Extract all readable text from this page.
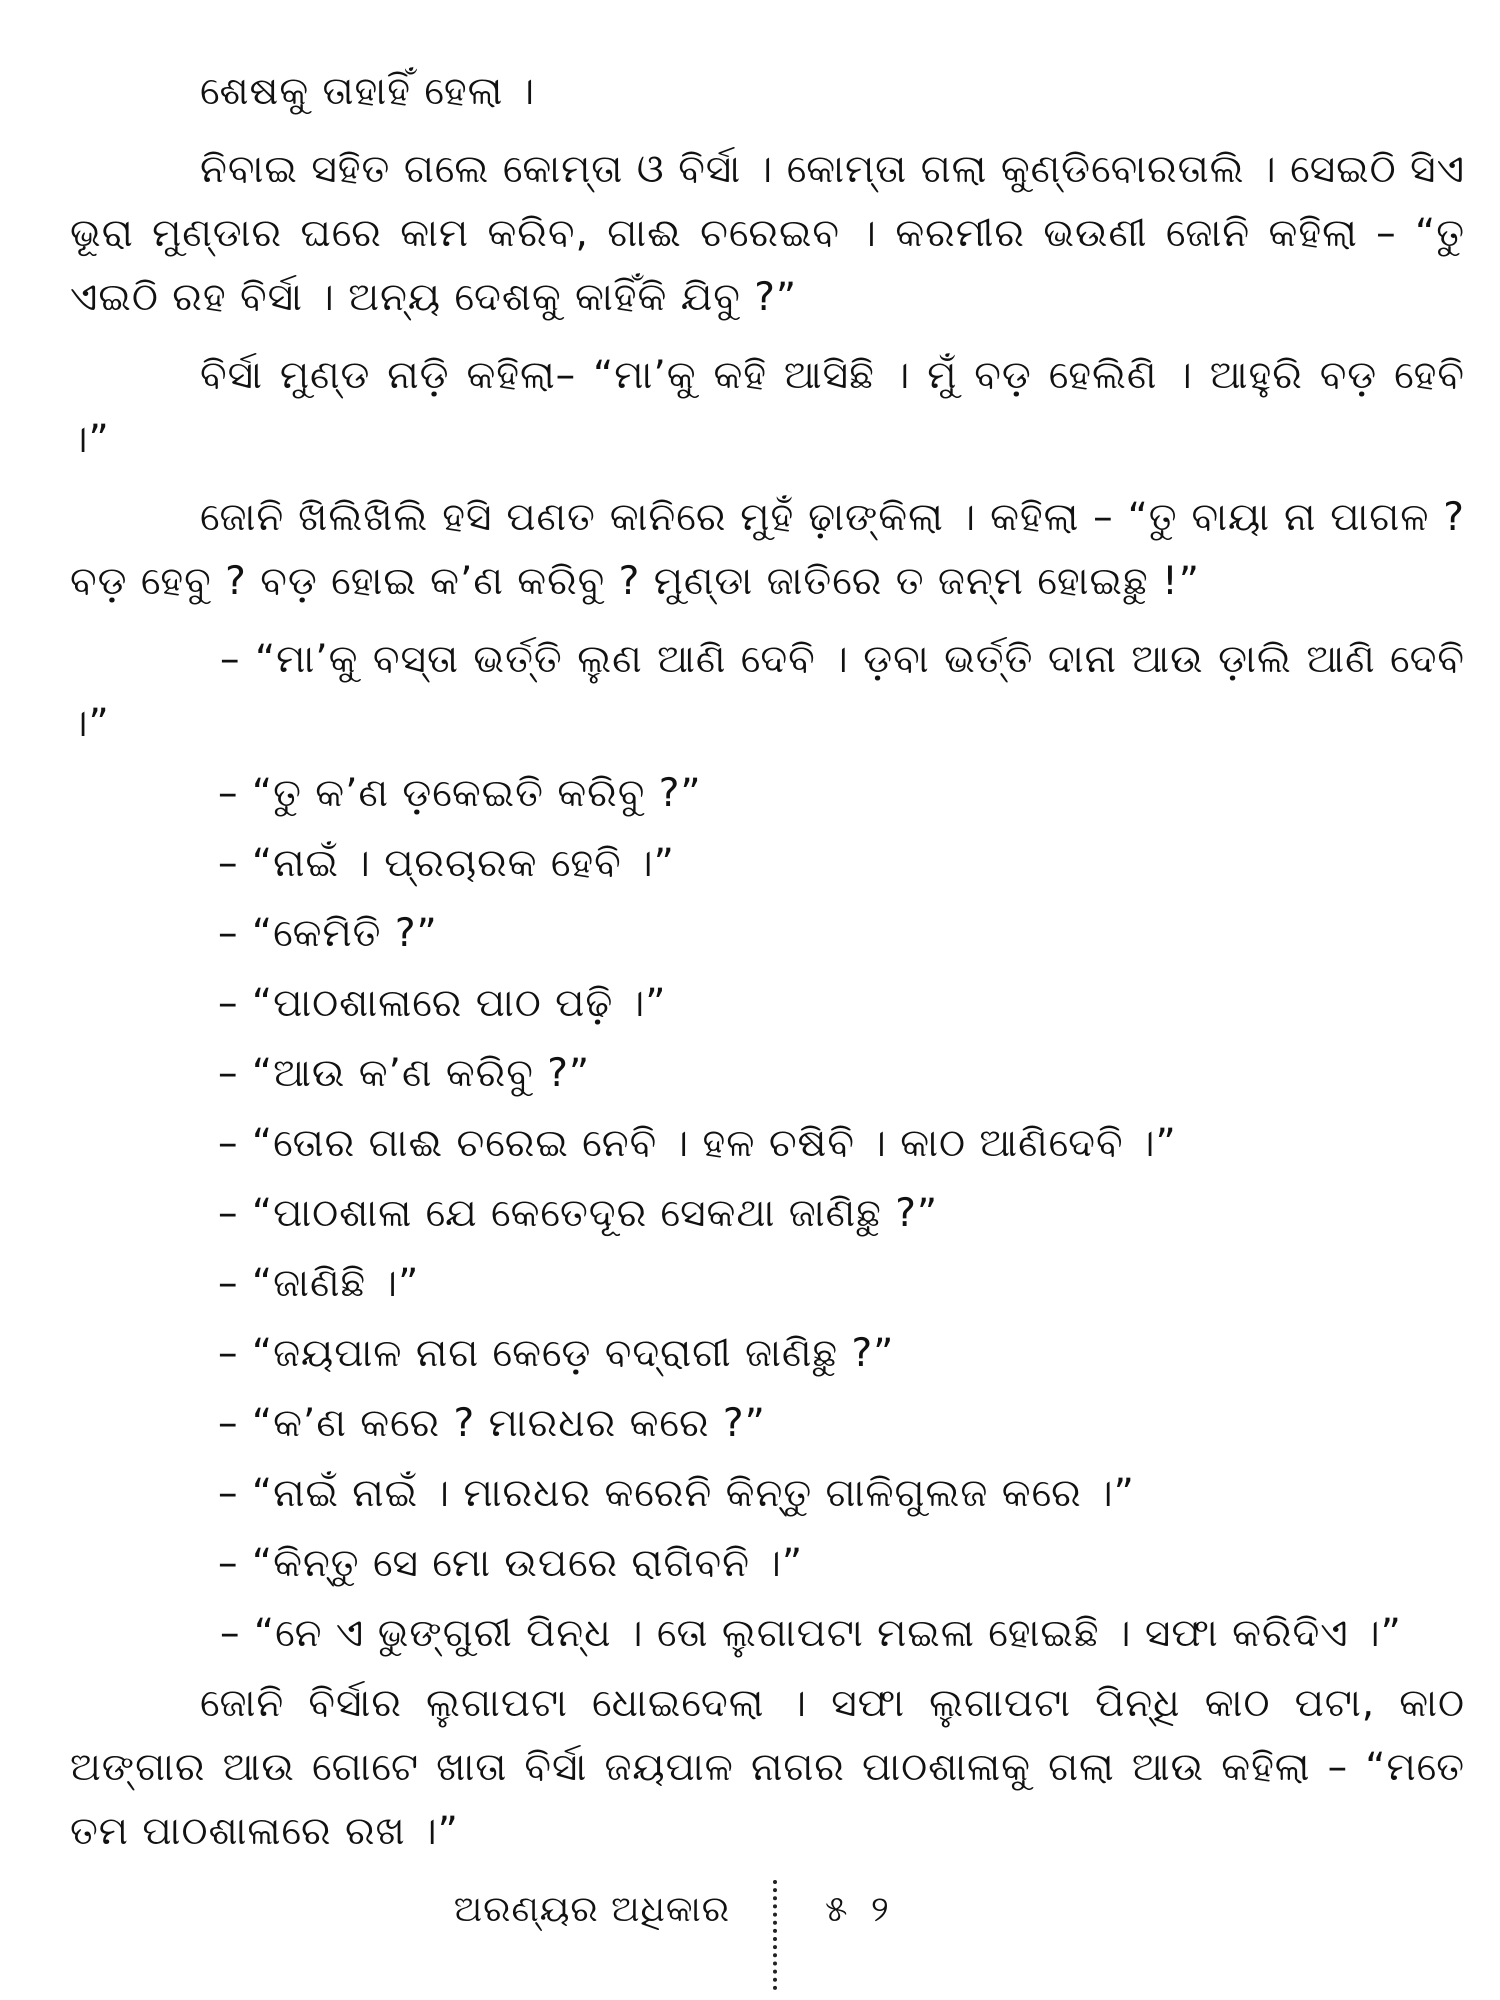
ଶେଷକୁ ତାହାହିଁ ହେଲା ।

ନିବାଇ ସହିତ ଗଲେ କୋମ୍‌ତା ଓ ବିର୍ସା । କୋମ୍‌ତା ଗଲା କୁଣ୍ଡିବୋରତାଲି । ସେଇଠି ସିଏ ଭୂରା ମୁଣ୍ଡାର ଘରେ କାମ କରିବ, ଗାଈ ଚରେଇବ । କରମୀର ଭଉଣୀ ଜୋନି କହିଲା – “ତୁ ଏଇଠି ରହ ବିର୍ସା । ଅନ୍ୟ ଦେଶକୁ କାହିଁକି ଯିବୁ ?”

ବିର୍ସା ମୁଣ୍ଡ ନାଡ଼ି କହିଲା– “ମା’କୁ କହି ଆସିଛି । ମୁଁ ବଡ଼ ହେଲିଣି । ଆହୁରି ବଡ଼ ହେବି ।”

ଜୋନି ଖିଲିଖିଲି ହସି ପଣତ କାନିରେ ମୁହଁ ଢ଼ାଙ୍କିଲା । କହିଲା – “ତୁ ବାୟା ନା ପାଗଳ ? ବଡ଼ ହେବୁ ? ବଡ଼ ହୋଇ କ’ଣ କରିବୁ ? ମୁଣ୍ଡା ଜାତିରେ ତ ଜନ୍ମ ହୋଇଛୁ !”

– “ମା’କୁ ବସ୍ତା ଭର୍ତ୍ତି ଲୁଣ ଆଣି ଦେବି । ଡ଼ବା ଭର୍ତ୍ତି ଦାନା ଆଉ ଡ଼ାଲି ଆଣି ଦେବି ।”

– “ତୁ କ’ଣ ଡ଼କେଇତି କରିବୁ ?”

– “ନାଇଁ । ପ୍ରଚାରକ ହେବି ।”

– “କେମିତି ?”

– “ପାଠଶାଳାରେ ପାଠ ପଢ଼ି ।”

– “ଆଉ କ’ଣ କରିବୁ ?”

– “ତୋର ଗାଈ ଚରେଇ ନେବି । ହଳ ଚଷିବି । କାଠ ଆଣିଦେବି ।”

– “ପାଠଶାଳା ଯେ କେତେଦୂର ସେକଥା ଜାଣିଛୁ ?”

– “ଜାଣିଛି ।”

– “ଜୟପାଳ ନାଗ କେଡ଼େ ବଦ୍‌ରାଗୀ ଜାଣିଛୁ ?”

– “କ’ଣ କରେ ? ମାରଧର କରେ ?”

– “ନାଇଁ ନାଇଁ । ମାରଧର କରେନି କିନ୍ତୁ ଗାଳିଗୁଲଜ କରେ ।”

– “କିନ୍ତୁ ସେ ମୋ ଉପରେ ରାଗିବନି ।”

– “ନେ ଏ ଭୁଙ୍ଗୁରୀ ପିନ୍ଧ । ତୋ ଲୁଗାପଟା ମଇଳା ହୋଇଛି । ସଫା କରିଦିଏ ।”

ଜୋନି ବିର୍ସାର ଲୁଗାପଟା ଧୋଇଦେଲା । ସଫା ଲୁଗାପଟା ପିନ୍ଧି କାଠ ପଟା, କାଠ ଅଙ୍ଗାର ଆଉ ଗୋଟେ ଖାତା ବିର୍ସା ଜୟପାଳ ନାଗର ପାଠଶାଳାକୁ ଗଲା ଆଉ କହିଲା – “ମତେ ତମ ପାଠଶାଳାରେ ରଖ ।”

ଅରଣ୍ୟର ଅଧିକାର	୫ ୨
